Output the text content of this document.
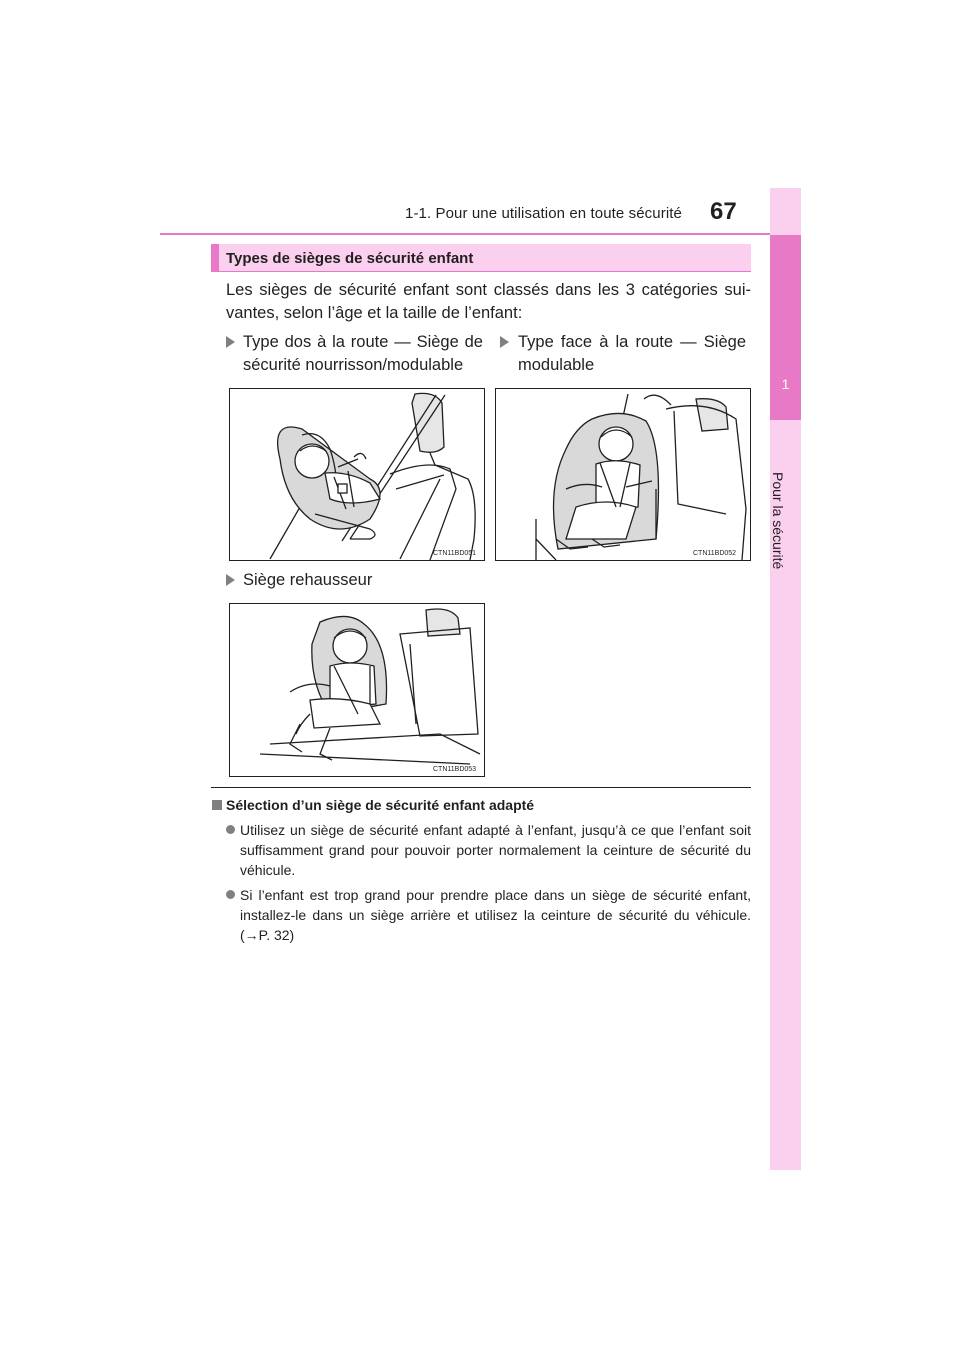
1-1. Pour une utilisation en toute sécurité 67
1
Pour la sécurité
Types de sièges de sécurité enfant
Les sièges de sécurité enfant sont classés dans les 3 catégories sui-vantes, selon l’âge et la taille de l’enfant:
Type dos à la route — Siège de sécurité nourrisson/modulable
Type face à la route — Siège modulable
CTN11BD051	CTN11BD052
Siège rehausseur
CTN11BD053
Sélection d’un siège de sécurité enfant adapté
Utilisez un siège de sécurité enfant adapté à l’enfant, jusqu’à ce que l’enfant soit suffisamment grand pour pouvoir porter normalement la ceinture de sécurité du véhicule.
Si l’enfant est trop grand pour prendre place dans un siège de sécurité enfant, installez-le dans un siège arrière et utilisez la ceinture de sécurité du véhicule. (→P. 32)
